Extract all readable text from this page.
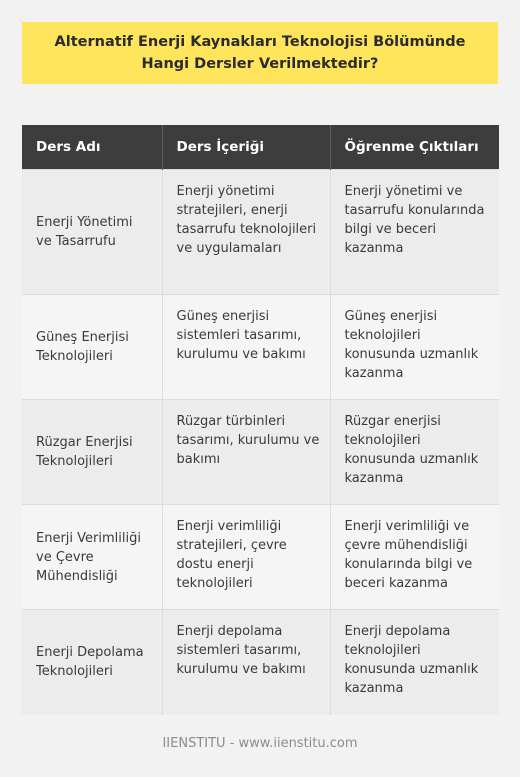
Alternatif Enerji Kaynakları Teknolojisi Bölümünde Hangi Dersler Verilmektedir?
Ders Adı	Ders İçeriği	Öğrenme Çıktıları
Enerji Yönetimi ve Tasarrufu	Enerji yönetimi stratejileri, enerji tasarrufu teknolojileri ve uygulamaları	Enerji yönetimi ve tasarrufu konularında bilgi ve beceri kazanma
Güneş Enerjisi Teknolojileri	Güneş enerjisi sistemleri tasarımı, kurulumu ve bakımı	Güneş enerjisi teknolojileri konusunda uzmanlık kazanma
Rüzgar Enerjisi Teknolojileri	Rüzgar türbinleri tasarımı, kurulumu ve bakımı	Rüzgar enerjisi teknolojileri konusunda uzmanlık kazanma
Enerji Verimliliği ve Çevre Mühendisliği	Enerji verimliliği stratejileri, çevre dostu enerji teknolojileri	Enerji verimliliği ve çevre mühendisliği konularında bilgi ve beceri kazanma
Enerji Depolama Teknolojileri	Enerji depolama sistemleri tasarımı, kurulumu ve bakımı	Enerji depolama teknolojileri konusunda uzmanlık kazanma
IIENSTITU - www.iienstitu.com
